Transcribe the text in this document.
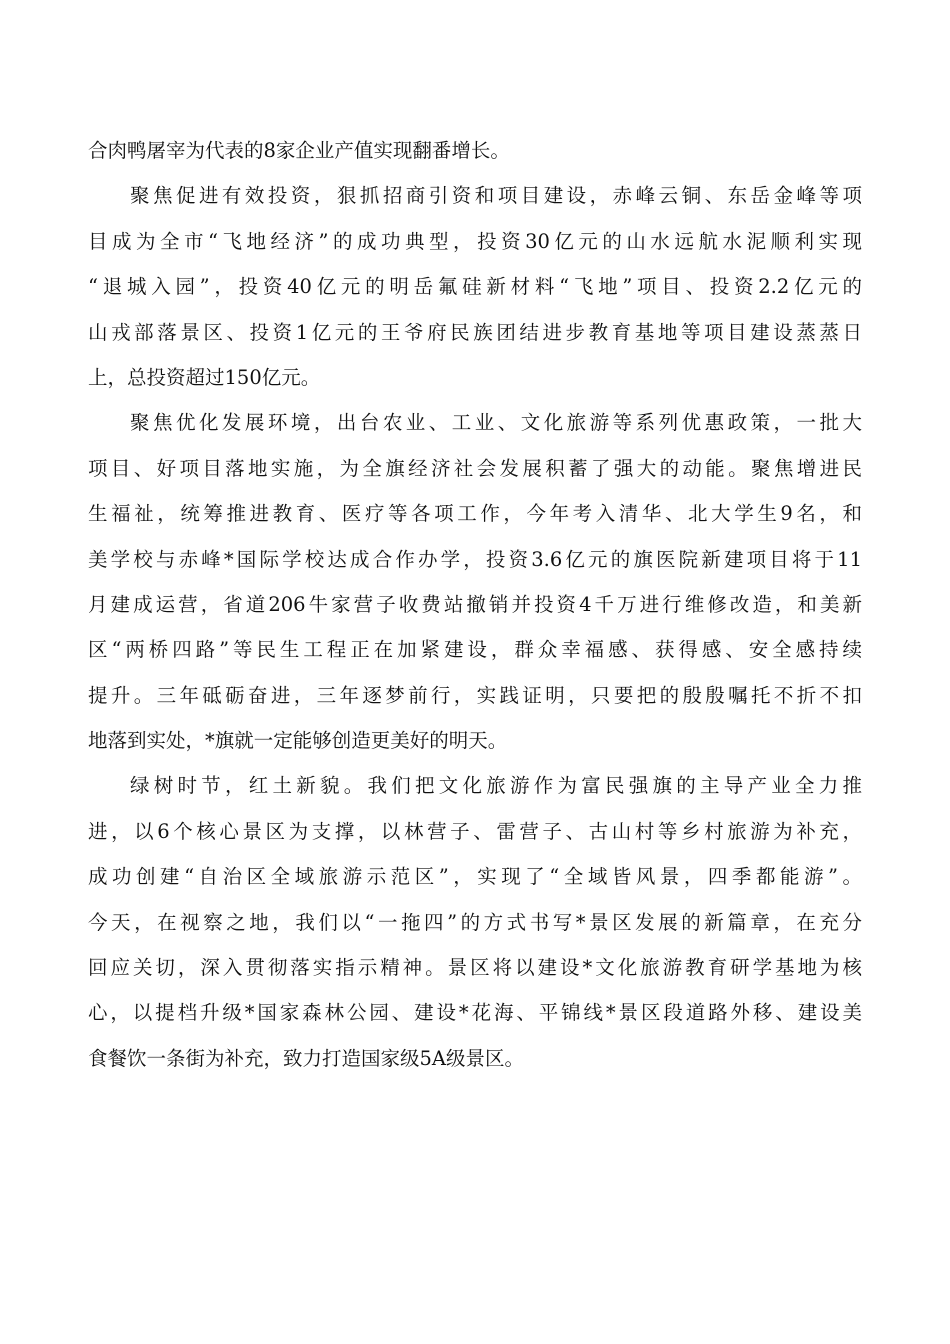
合肉鸭屠宰为代表的8家企业产值实现翻番增长。
聚焦促进有效投资，狠抓招商引资和项目建设，赤峰云铜、东岳金峰等项
目成为全市“飞地经济”的成功典型，投资30亿元的山水远航水泥顺利实现
“退城入园”，投资40亿元的明岳氟硅新材料“飞地”项目、投资2.2亿元的
山戎部落景区、投资1亿元的王爷府民族团结进步教育基地等项目建设蒸蒸日
上，总投资超过150亿元。
聚焦优化发展环境，出台农业、工业、文化旅游等系列优惠政策，一批大
项目、好项目落地实施，为全旗经济社会发展积蓄了强大的动能。聚焦增进民
生福祉，统筹推进教育、医疗等各项工作，今年考入清华、北大学生9名，和
美学校与赤峰*国际学校达成合作办学，投资3.6亿元的旗医院新建项目将于11
月建成运营，省道206牛家营子收费站撤销并投资4千万进行维修改造，和美新
区“两桥四路”等民生工程正在加紧建设，群众幸福感、获得感、安全感持续
提升。三年砥砺奋进，三年逐梦前行，实践证明，只要把的殷殷嘱托不折不扣
地落到实处，*旗就一定能够创造更美好的明天。
绿树时节，红土新貌。我们把文化旅游作为富民强旗的主导产业全力推
进，以6个核心景区为支撑，以林营子、雷营子、古山村等乡村旅游为补充，
成功创建“自治区全域旅游示范区”，实现了“全域皆风景，四季都能游”。
今天，在视察之地，我们以“一拖四”的方式书写*景区发展的新篇章，在充分
回应关切，深入贯彻落实指示精神。景区将以建设*文化旅游教育研学基地为核
心，以提档升级*国家森林公园、建设*花海、平锦线*景区段道路外移、建设美
食餐饮一条街为补充，致力打造国家级5A级景区。
